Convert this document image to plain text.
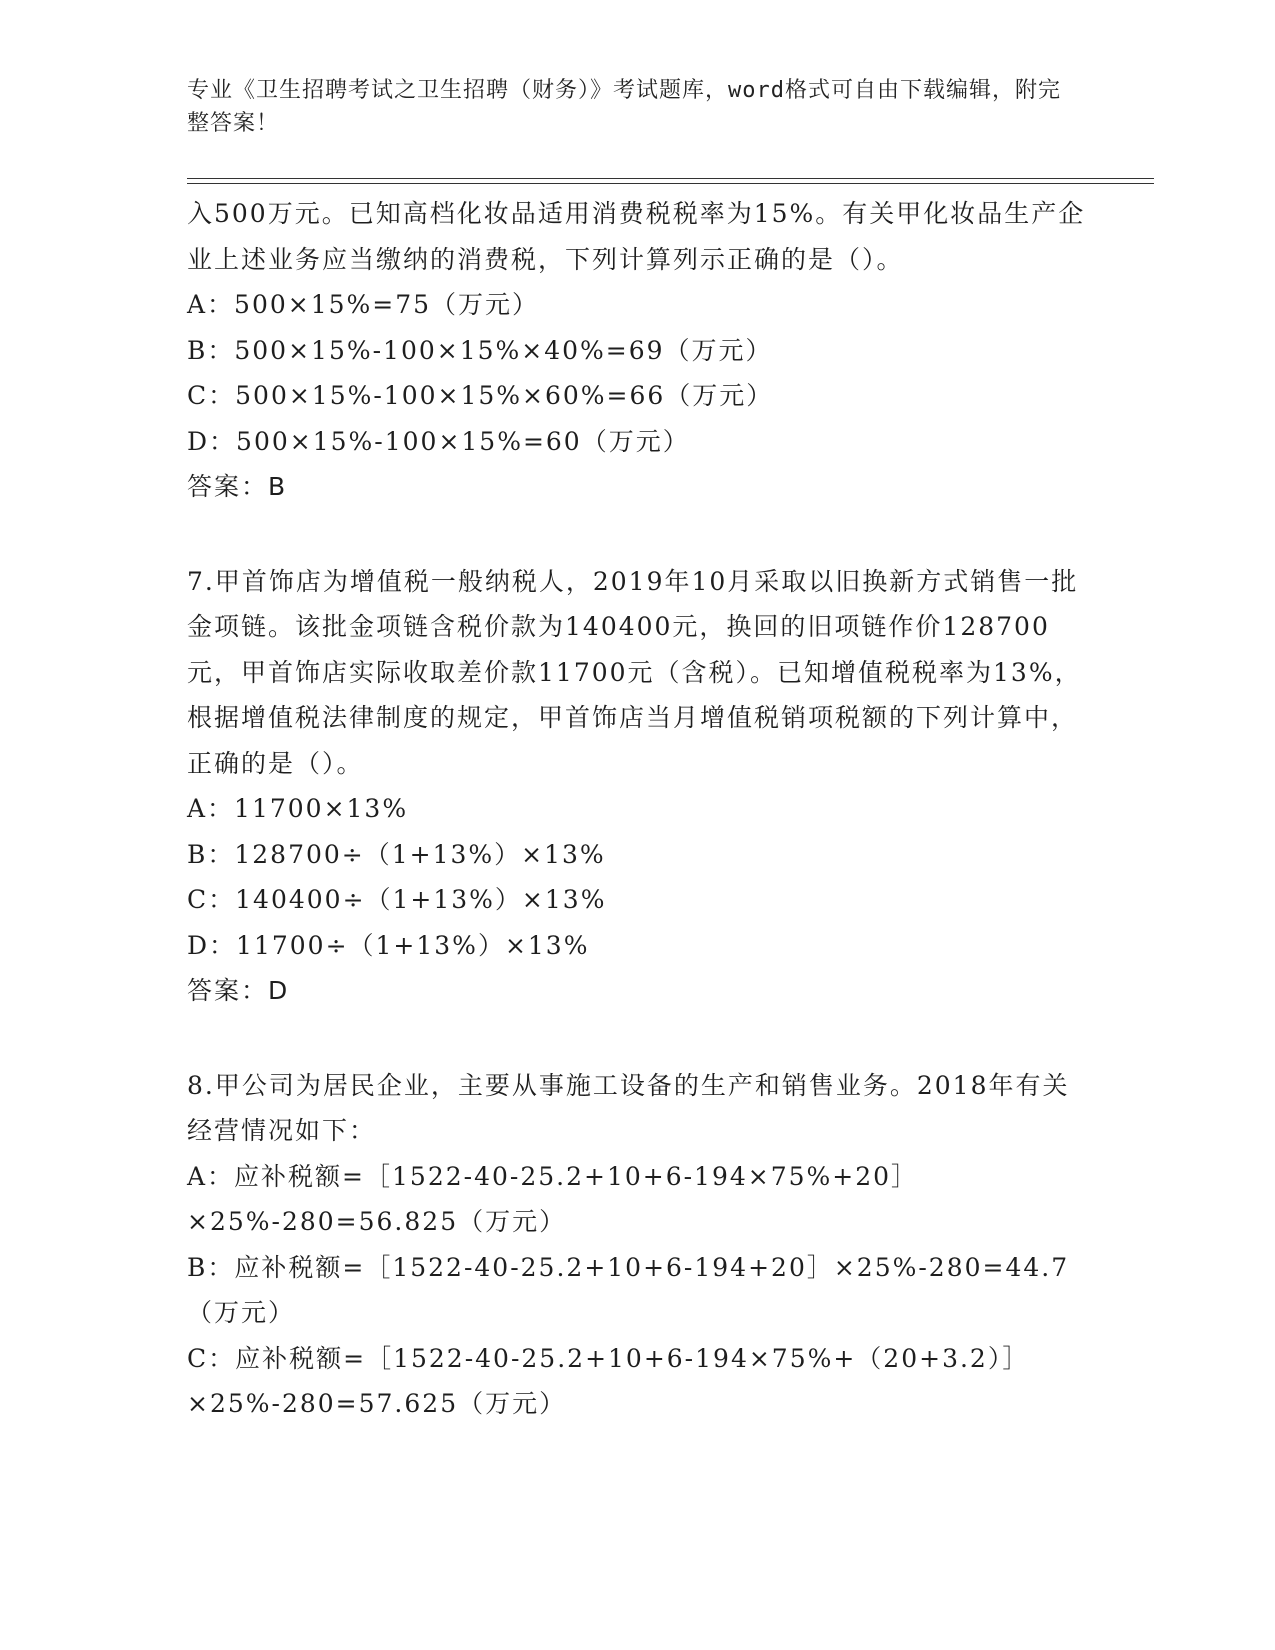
专业《卫生招聘考试之卫生招聘（财务）》考试题库，word格式可自由下载编辑，附完整答案！

入500万元。已知高档化妆品适用消费税税率为15%。有关甲化妆品生产企业上述业务应当缴纳的消费税，下列计算列示正确的是（）。

A：500×15%=75（万元）

B：500×15%-100×15%×40%=69（万元）

C：500×15%-100×15%×60%=66（万元）

D：500×15%-100×15%=60（万元）

答案：B

7.甲首饰店为增值税一般纳税人，2019年10月采取以旧换新方式销售一批金项链。该批金项链含税价款为140400元，换回的旧项链作价128700元，甲首饰店实际收取差价款11700元（含税）。已知增值税税率为13%，根据增值税法律制度的规定，甲首饰店当月增值税销项税额的下列计算中，正确的是（）。

A：11700×13%

B：128700÷（1+13%）×13%

C：140400÷（1+13%）×13%

D：11700÷（1+13%）×13%

答案：D

8.甲公司为居民企业，主要从事施工设备的生产和销售业务。2018年有关经营情况如下：

A：应补税额=［1522-40-25.2+10+6-194×75%+20］×25%-280=56.825（万元）

B：应补税额=［1522-40-25.2+10+6-194+20］×25%-280=44.7（万元）

C：应补税额=［1522-40-25.2+10+6-194×75%+（20+3.2）］×25%-280=57.625（万元）
